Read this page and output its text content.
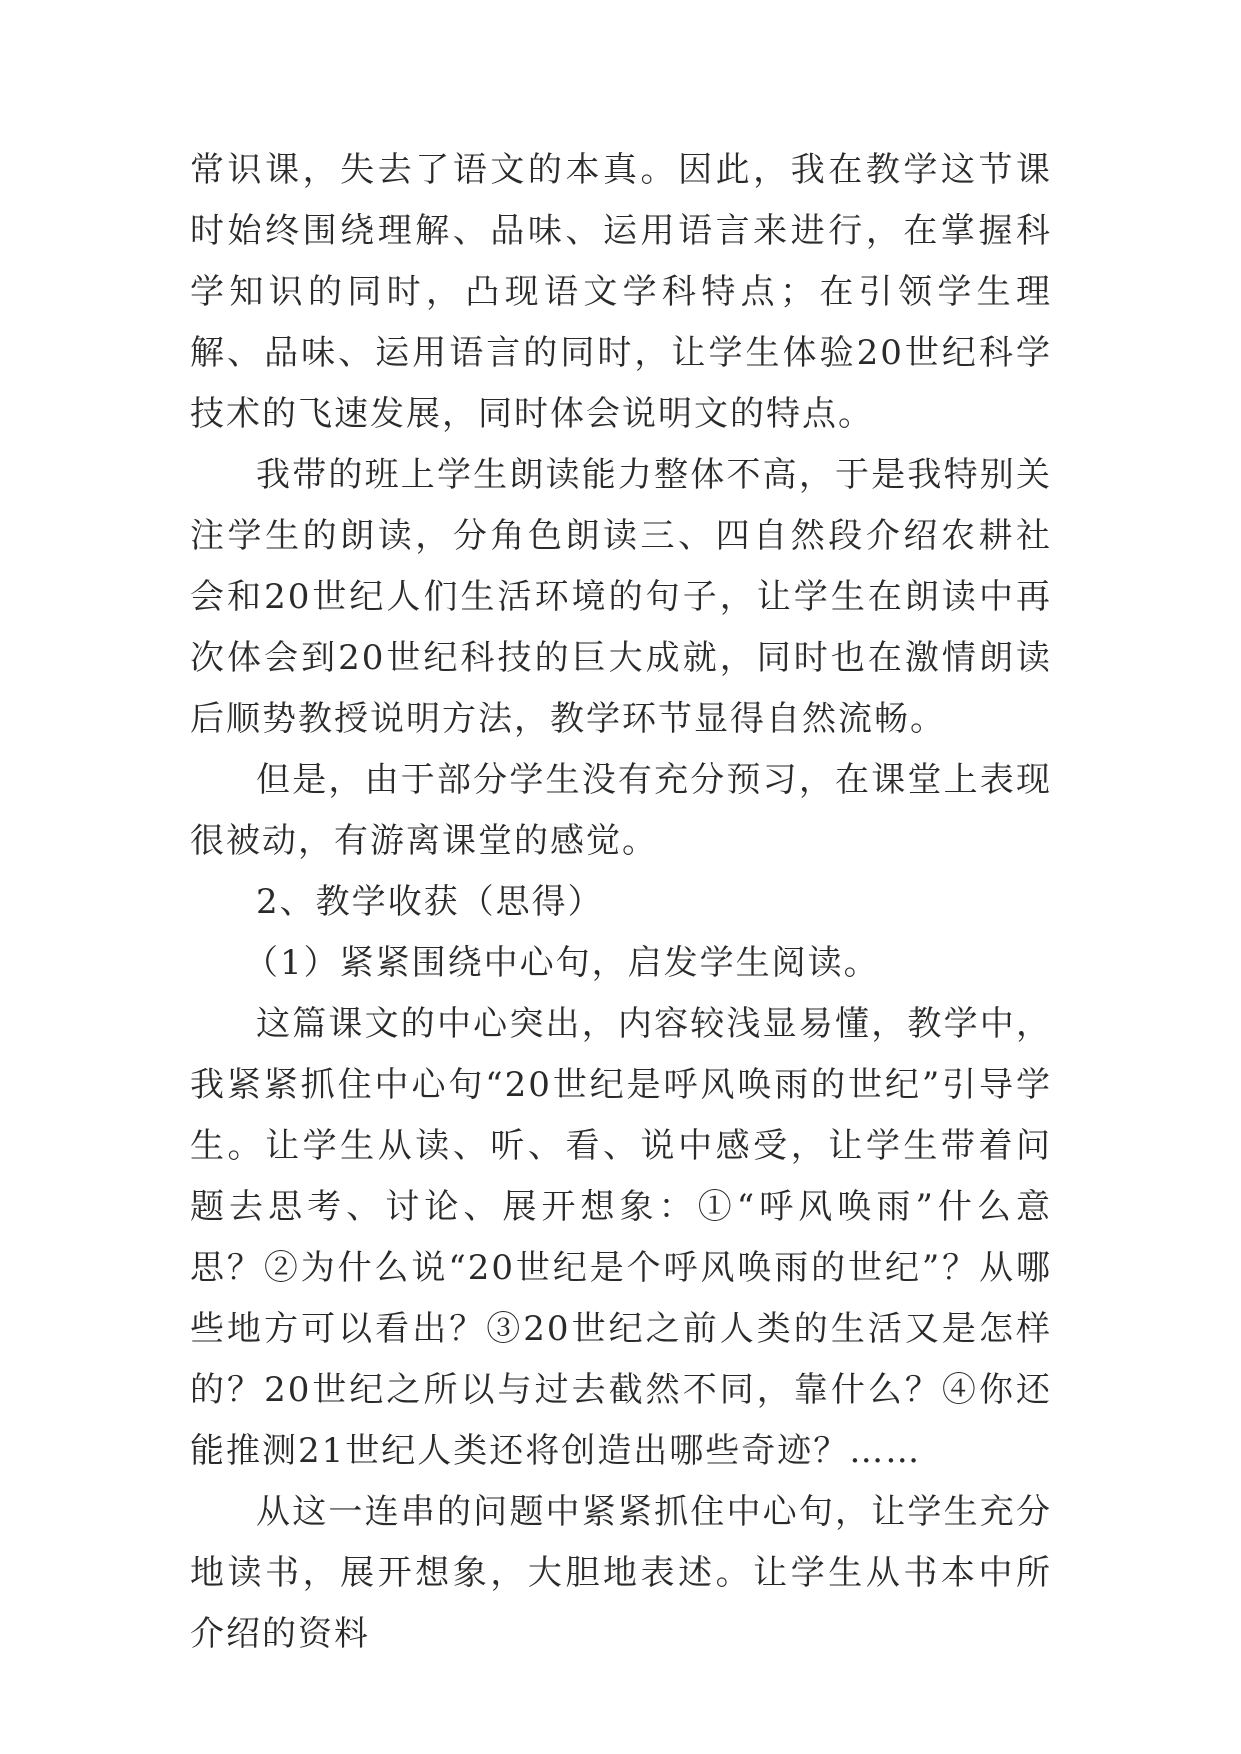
常识课，失去了语文的本真。因此，我在教学这节课时始终围绕理解、品味、运用语言来进行，在掌握科学知识的同时，凸现语文学科特点；在引领学生理解、品味、运用语言的同时，让学生体验20世纪科学技术的飞速发展，同时体会说明文的特点。

我带的班上学生朗读能力整体不高，于是我特别关注学生的朗读，分角色朗读三、四自然段介绍农耕社会和20世纪人们生活环境的句子，让学生在朗读中再次体会到20世纪科技的巨大成就，同时也在激情朗读后顺势教授说明方法，教学环节显得自然流畅。

但是，由于部分学生没有充分预习，在课堂上表现很被动，有游离课堂的感觉。

2、教学收获（思得）

（1）紧紧围绕中心句，启发学生阅读。

这篇课文的中心突出，内容较浅显易懂，教学中，我紧紧抓住中心句“20世纪是呼风唤雨的世纪”引导学生。让学生从读、听、看、说中感受，让学生带着问题去思考、讨论、展开想象：①“呼风唤雨”什么意思？②为什么说“20世纪是个呼风唤雨的世纪”？从哪些地方可以看出？③20世纪之前人类的生活又是怎样的？20世纪之所以与过去截然不同，靠什么？④你还能推测21世纪人类还将创造出哪些奇迹？……

从这一连串的问题中紧紧抓住中心句，让学生充分地读书，展开想象，大胆地表述。让学生从书本中所介绍的资料
